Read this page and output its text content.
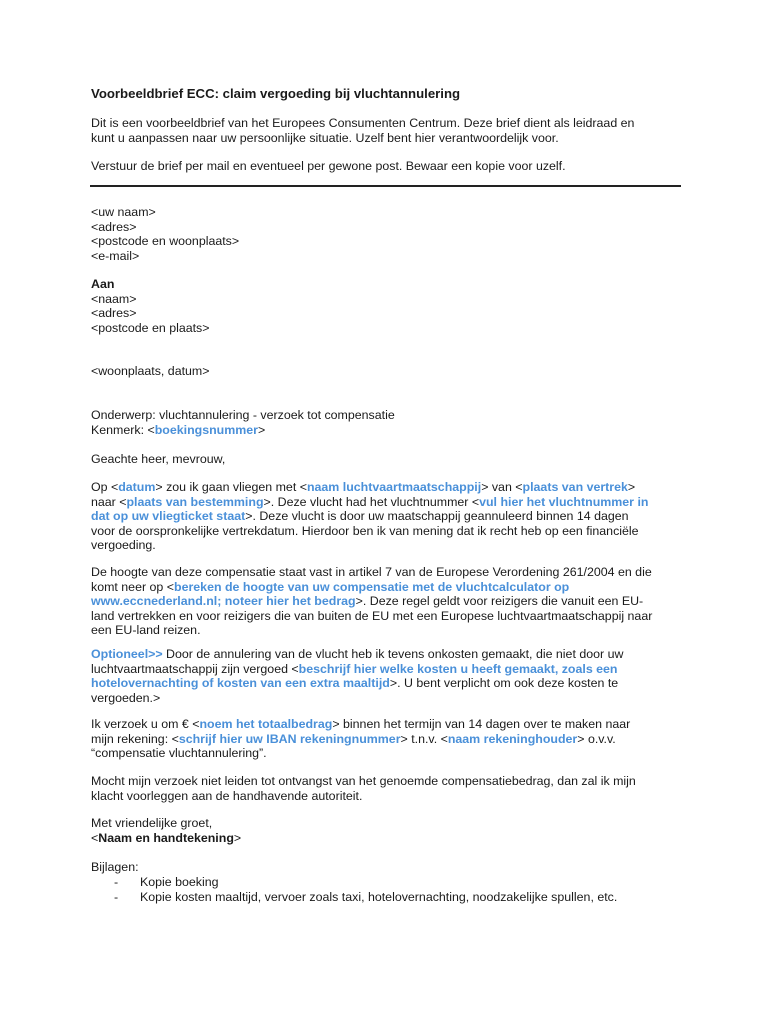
Voorbeeldbrief ECC: claim vergoeding bij vluchtannulering
Dit is een voorbeeldbrief van het Europees Consumenten Centrum. Deze brief dient als leidraad en
kunt u aanpassen naar uw persoonlijke situatie. Uzelf bent hier verantwoordelijk voor.
Verstuur de brief per mail en eventueel per gewone post. Bewaar een kopie voor uzelf.
<uw naam>
<adres>
<postcode en woonplaats>
<e-mail>
Aan
<naam>
<adres>
<postcode en plaats>
<woonplaats, datum>
Onderwerp: vluchtannulering - verzoek tot compensatie
Kenmerk: <boekingsnummer>
Geachte heer, mevrouw,
Op <datum> zou ik gaan vliegen met <naam luchtvaartmaatschappij> van <plaats van vertrek>
naar <plaats van bestemming>. Deze vlucht had het vluchtnummer <vul hier het vluchtnummer in
dat op uw vliegticket staat>. Deze vlucht is door uw maatschappij geannuleerd binnen 14 dagen
voor de oorspronkelijke vertrekdatum. Hierdoor ben ik van mening dat ik recht heb op een financiële
vergoeding.
De hoogte van deze compensatie staat vast in artikel 7 van de Europese Verordening 261/2004 en die
komt neer op <bereken de hoogte van uw compensatie met de vluchtcalculator op
www.eccnederland.nl; noteer hier het bedrag>. Deze regel geldt voor reizigers die vanuit een EU-
land vertrekken en voor reizigers die van buiten de EU met een Europese luchtvaartmaatschappij naar
een EU-land reizen.
Optioneel>> Door de annulering van de vlucht heb ik tevens onkosten gemaakt, die niet door uw
luchtvaartmaatschappij zijn vergoed <beschrijf hier welke kosten u heeft gemaakt, zoals een
hotelovernachting of kosten van een extra maaltijd>. U bent verplicht om ook deze kosten te
vergoeden.>
Ik verzoek u om € <noem het totaalbedrag> binnen het termijn van 14 dagen over te maken naar
mijn rekening: <schrijf hier uw IBAN rekeningnummer> t.n.v. <naam rekeninghouder> o.v.v.
“compensatie vluchtannulering”.
Mocht mijn verzoek niet leiden tot ontvangst van het genoemde compensatiebedrag, dan zal ik mijn
klacht voorleggen aan de handhavende autoriteit.
Met vriendelijke groet,
<Naam en handtekening>
Bijlagen:
- Kopie boeking
- Kopie kosten maaltijd, vervoer zoals taxi, hotelovernachting, noodzakelijke spullen, etc.
